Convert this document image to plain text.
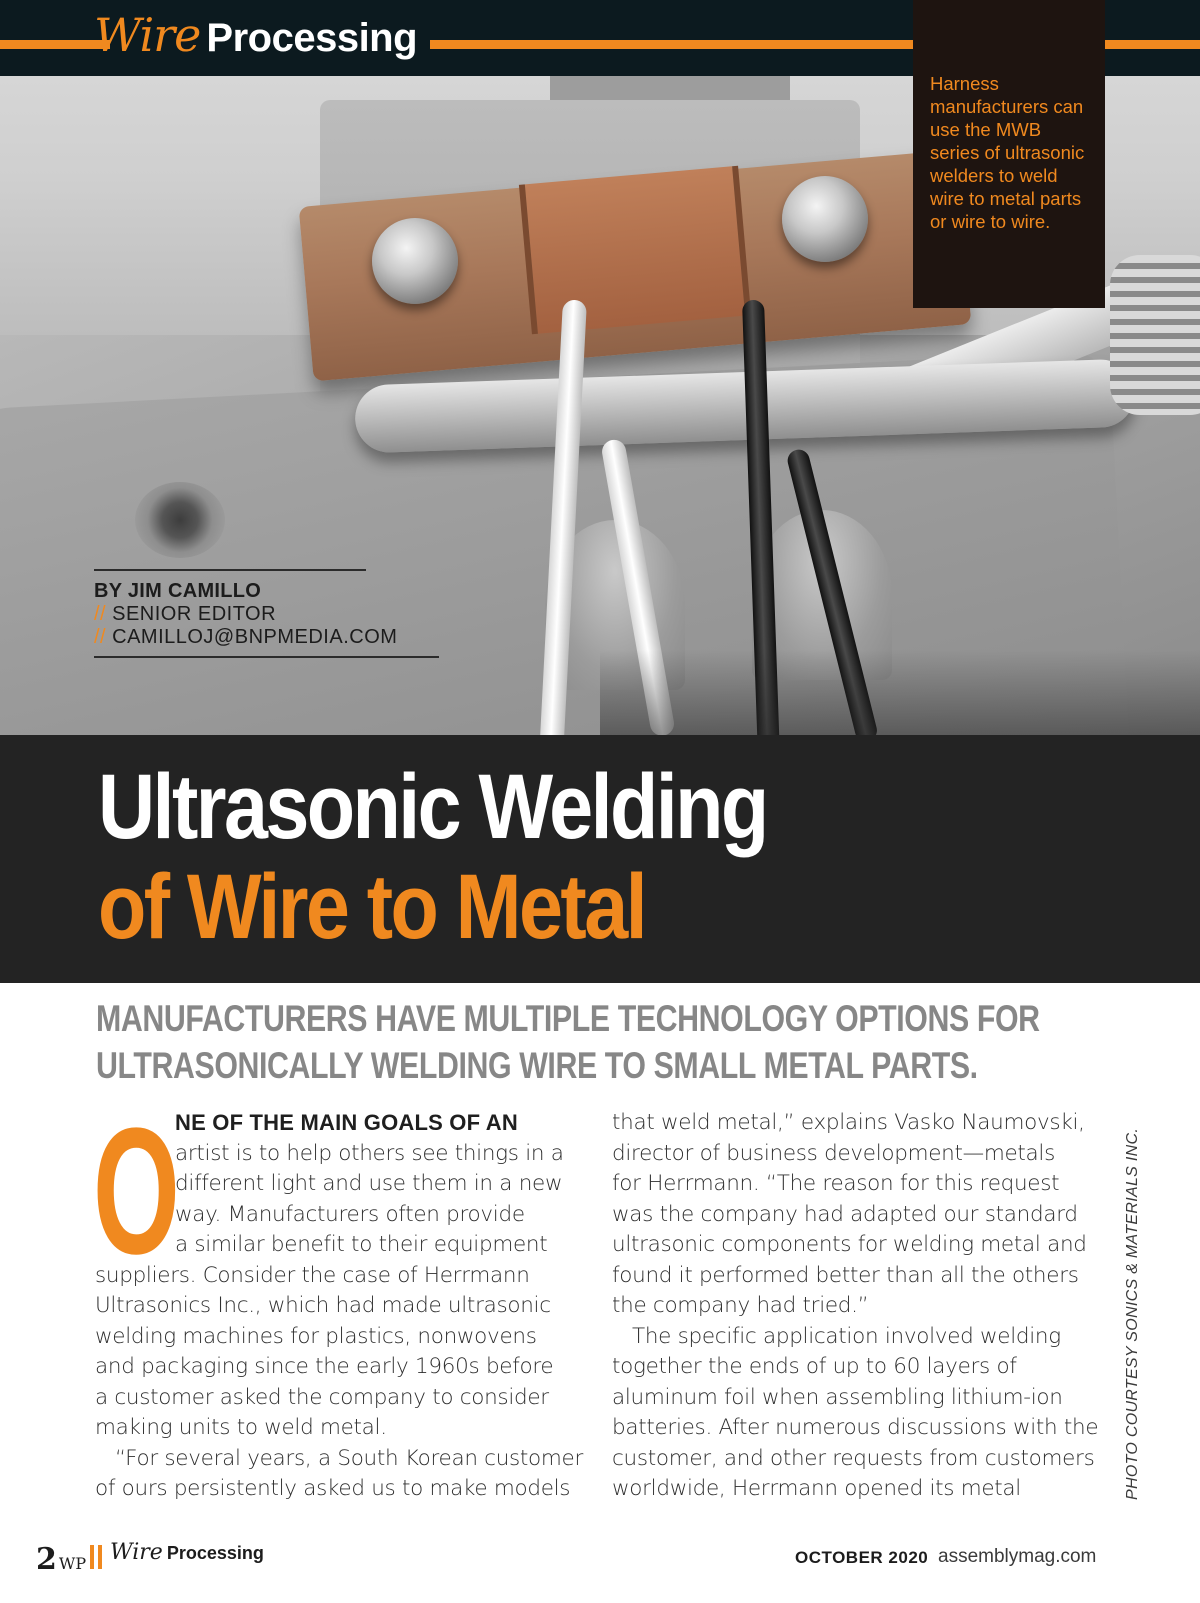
Wire Processing

Harness manufacturers can use the MWB series of ultrasonic welders to weld wire to metal parts or wire to wire.

BY JIM CAMILLO
// SENIOR EDITOR
// CAMILLOJ@BNPMEDIA.COM
Ultrasonic Welding
of Wire to Metal
MANUFACTURERS HAVE MULTIPLE TECHNOLOGY OPTIONS FOR ULTRASONICALLY WELDING WIRE TO SMALL METAL PARTS.
O
NE OF THE MAIN GOALS OF AN
artist is to help others see things in a
different light and use them in a new
way. Manufacturers often provide
a similar benefit to their equipment
suppliers. Consider the case of Herrmann
Ultrasonics Inc., which had made ultrasonic
welding machines for plastics, nonwovens
and packaging since the early 1960s before
a customer asked the company to consider
making units to weld metal.
“For several years, a South Korean customer
of ours persistently asked us to make models
that weld metal,” explains Vasko Naumovski,
director of business development—metals
for Herrmann. “The reason for this request
was the company had adapted our standard
ultrasonic components for welding metal and
found it performed better than all the others
the company had tried.”
The specific application involved welding
together the ends of up to 60 layers of
aluminum foil when assembling lithium-ion
batteries. After numerous discussions with the
customer, and other requests from customers
worldwide, Herrmann opened its metal	PHOTO COURTESY SONICS & MATERIALS INC.
2 WP Wire Processing	OCTOBER 2020 assemblymag.com
